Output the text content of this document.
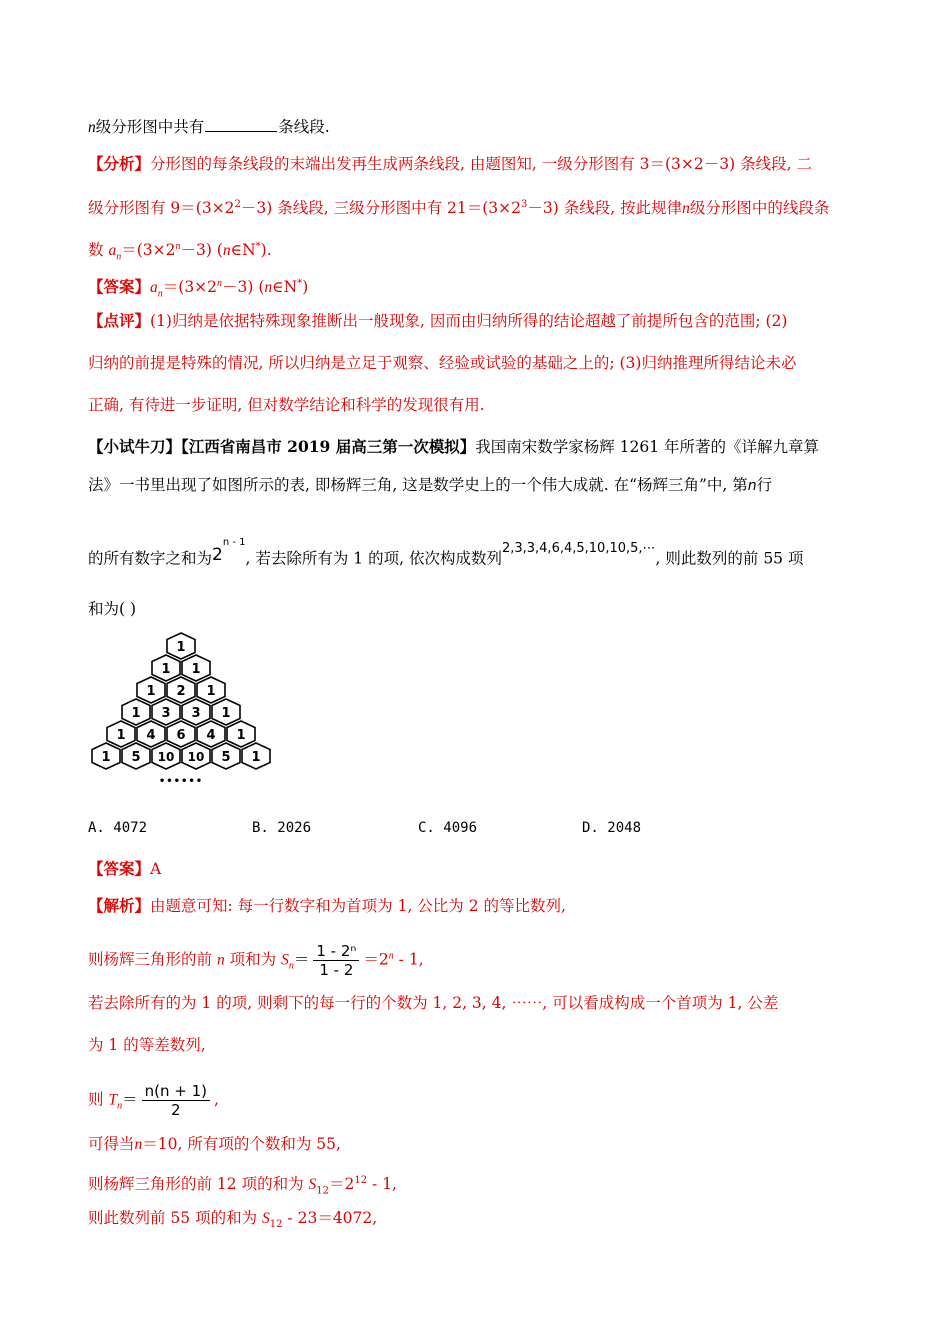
n级分形图中共有	条线段.
【分析】分形图的每条线段的末端出发再生成两条线段, 由题图知, 一级分形图有 3＝(3×2－3) 条线段, 二
级分形图有 $9=(3\times 2^2-3)$ 条线段, 三级分形图中有 $21=(3\times 2^3-3)$ 条线段, 按此规律n级分形图中的线段条
数 $a_n=(3\times 2^n-3)$ (n∈N*).
【答案】$a_n=(3\times 2^n-3)$ (n∈N*)
【点评】(1)归纳是依据特殊现象推断出一般现象, 因而由归纳所得的结论超越了前提所包含的范围; (2)
归纳的前提是特殊的情况, 所以归纳是立足于观察、经验或试验的基础之上的; (3)归纳推理所得结论未必
正确, 有待进一步证明, 但对数学结论和科学的发现很有用.
【小试牛刀】【江西省南昌市 2019 届高三第一次模拟】我国南宋数学家杨辉 1261 年所著的《详解九章算
法》一书里出现了如图所示的表, 即杨辉三角, 这是数学史上的一个伟大成就. 在“杨辉三角”中, 第n行
的所有数字之和为2$^{n - 1}$, 若去除所有为 1 的项, 依次构成数列$^{2,3,3,4,6,4,5,10,10,5,\cdots}$, 则此数列的前 55 项
和为( )
1
1 1
1 2 1
1 3 3 1
1 4 6 4 1
1 5 10 10 5 1
••••••
A. 4072	B. 2026	C. 4096	D. 2048
【答案】A
【解析】由题意可知: 每一行数字和为首项为 1, 公比为 2 的等比数列,
则杨辉三角形的前 n 项和为 $S_n= \frac{\text{1 - 2ⁿ}}{1 - 2} =2^n - 1$,
若去除所有的为 1 的项, 则剩下的每一行的个数为 1, 2, 3, 4, ⋯⋯, 可以看成构成一个首项为 1, 公差
为 1 的等差数列,
则 $T_n= \frac{n(n + 1)}{2}$ ,
可得当n＝10, 所有项的个数和为 55,
则杨辉三角形的前 12 项的和为 $S_{12}=2^{12} - 1$,
则此数列前 55 项的和为 $S_{12} - 23=4072$,
